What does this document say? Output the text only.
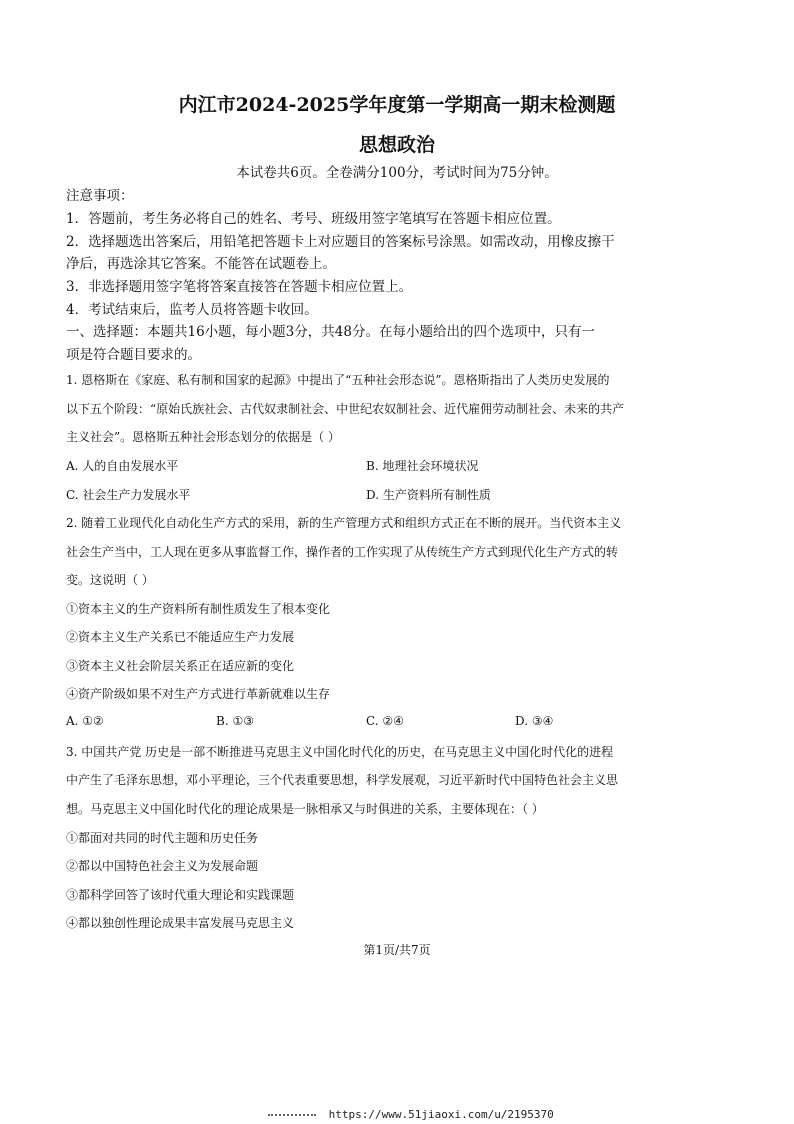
内江市2024-2025学年度第一学期高一期末检测题
思想政治
本试卷共6页。全卷满分100分，考试时间为75分钟。
注意事项：
1．答题前，考生务必将自己的姓名、考号、班级用签字笔填写在答题卡相应位置。
2．选择题选出答案后，用铅笔把答题卡上对应题目的答案标号涂黑。如需改动，用橡皮擦干
净后，再选涂其它答案。不能答在试题卷上。
3．非选择题用签字笔将答案直接答在答题卡相应位置上。
4．考试结束后，监考人员将答题卡收回。
一、选择题：本题共16小题，每小题3分，共48分。在每小题给出的四个选项中，只有一
项是符合题目要求的。
1. 恩格斯在《家庭、私有制和国家的起源》中提出了“五种社会形态说”。恩格斯指出了人类历史发展的
以下五个阶段：“原始氏族社会、古代奴隶制社会、中世纪农奴制社会、近代雇佣劳动制社会、未来的共产
主义社会”。恩格斯五种社会形态划分的依据是（ ）
A. 人的自由发展水平	B. 地理社会环境状况
C. 社会生产力发展水平	D. 生产资料所有制性质
2. 随着工业现代化自动化生产方式的采用，新的生产管理方式和组织方式正在不断的展开。当代资本主义
社会生产当中，工人现在更多从事监督工作，操作者的工作实现了从传统生产方式到现代化生产方式的转
变。这说明（ ）
①资本主义的生产资料所有制性质发生了根本变化
②资本主义生产关系已不能适应生产力发展
③资本主义社会阶层关系正在适应新的变化
④资产阶级如果不对生产方式进行革新就难以生存
A. ①②	B. ①③	C. ②④	D. ③④
3. 中国共产党 历史是一部不断推进马克思主义中国化时代化的历史，在马克思主义中国化时代化的进程
中产生了毛泽东思想，邓小平理论，三个代表重要思想，科学发展观，习近平新时代中国特色社会主义思
想。马克思主义中国化时代化的理论成果是一脉相承又与时俱进的关系，主要体现在：（ ）
①都面对共同的时代主题和历史任务
②都以中国特色社会主义为发展命题
③都科学回答了该时代重大理论和实践课题
④都以独创性理论成果丰富发展马克思主义
第1页/共7页
https://www.51jiaoxi.com/u/2195370
